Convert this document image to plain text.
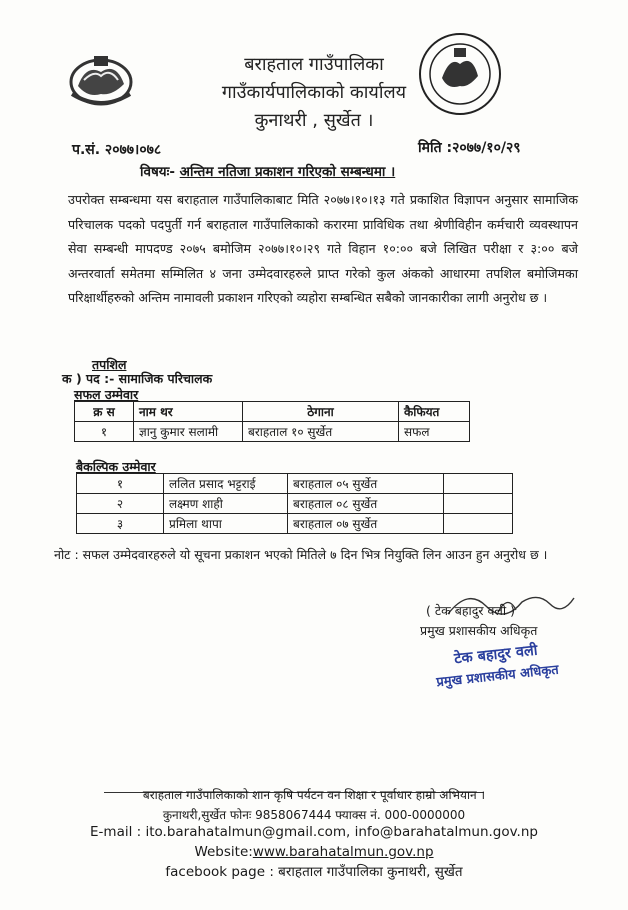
बराहताल गाउँपालिका
गाउँकार्यपालिकाको कार्यालय
कुनाथरी , सुर्खेत ।
प.सं. २०७७।०७८	मिति :२०७७/१०/२९
विषयः- अन्तिम नतिजा प्रकाशन गरिएको सम्बन्धमा ।
उपरोक्त सम्बन्धमा यस बराहताल गाउँपालिकाबाट मिति २०७७।१०।१३ गते प्रकाशित विज्ञापन अनुसार सामाजिक परिचालक पदको पदपुर्ती गर्न बराहताल गाउँपालिकाको करारमा प्राविधिक तथा श्रेणीविहीन कर्मचारी व्यवस्थापन सेवा सम्बन्धी मापदण्ड २०७५ बमोजिम २०७७।१०।२९ गते विहान १०:०० बजे लिखित परीक्षा र ३:०० बजे अन्तरवार्ता समेतमा सम्मिलित ४ जना उम्मेदवारहरुले प्राप्त गरेको कुल अंकको आधारमा तपशिल बमोजिमका परिक्षार्थीहरुको अन्तिम नामावली प्रकाशन गरिएको व्यहोरा सम्बन्धित सबैको जानकारीका लागी अनुरोध छ ।
तपशिल
क ) पद :- सामाजिक परिचालक
सफल उम्मेवार
क्र स	नाम थर	ठेगाना	कैफियत
१	ज्ञानु कुमार सलामी	बराहताल १० सुर्खेत	सफल
बैकल्पिक उम्मेवार
१	ललित प्रसाद भट्टराई	बराहताल ०५ सुर्खेत	
२	लक्ष्मण शाही	बराहताल ०८ सुर्खेत	
३	प्रमिला थापा	बराहताल ०७ सुर्खेत	
नोट : सफल उम्मेदवारहरुले यो सूचना प्रकाशन भएको मितिले ७ दिन भित्र नियुक्ति लिन आउन हुन अनुरोध छ ।
( टेक बहादुर वली )
प्रमुख प्रशासकीय अधिकृत
टेक बहादुर वली
प्रमुख प्रशासकीय अधिकृत
बराहताल गाउँपालिकाको शान कृषि पर्यटन वन शिक्षा र पूर्वाधार हाम्रो अभियान ।
कुनाथरी,सुर्खेत फोनः 9858067444 फ्याक्स नं. 000-0000000
E-mail : ito.barahatalmun@gmail.com, info@barahatalmun.gov.np
Website:www.barahatalmun.gov.np
facebook page : बराहताल गाउँपालिका कुनाथरी, सुर्खेत
